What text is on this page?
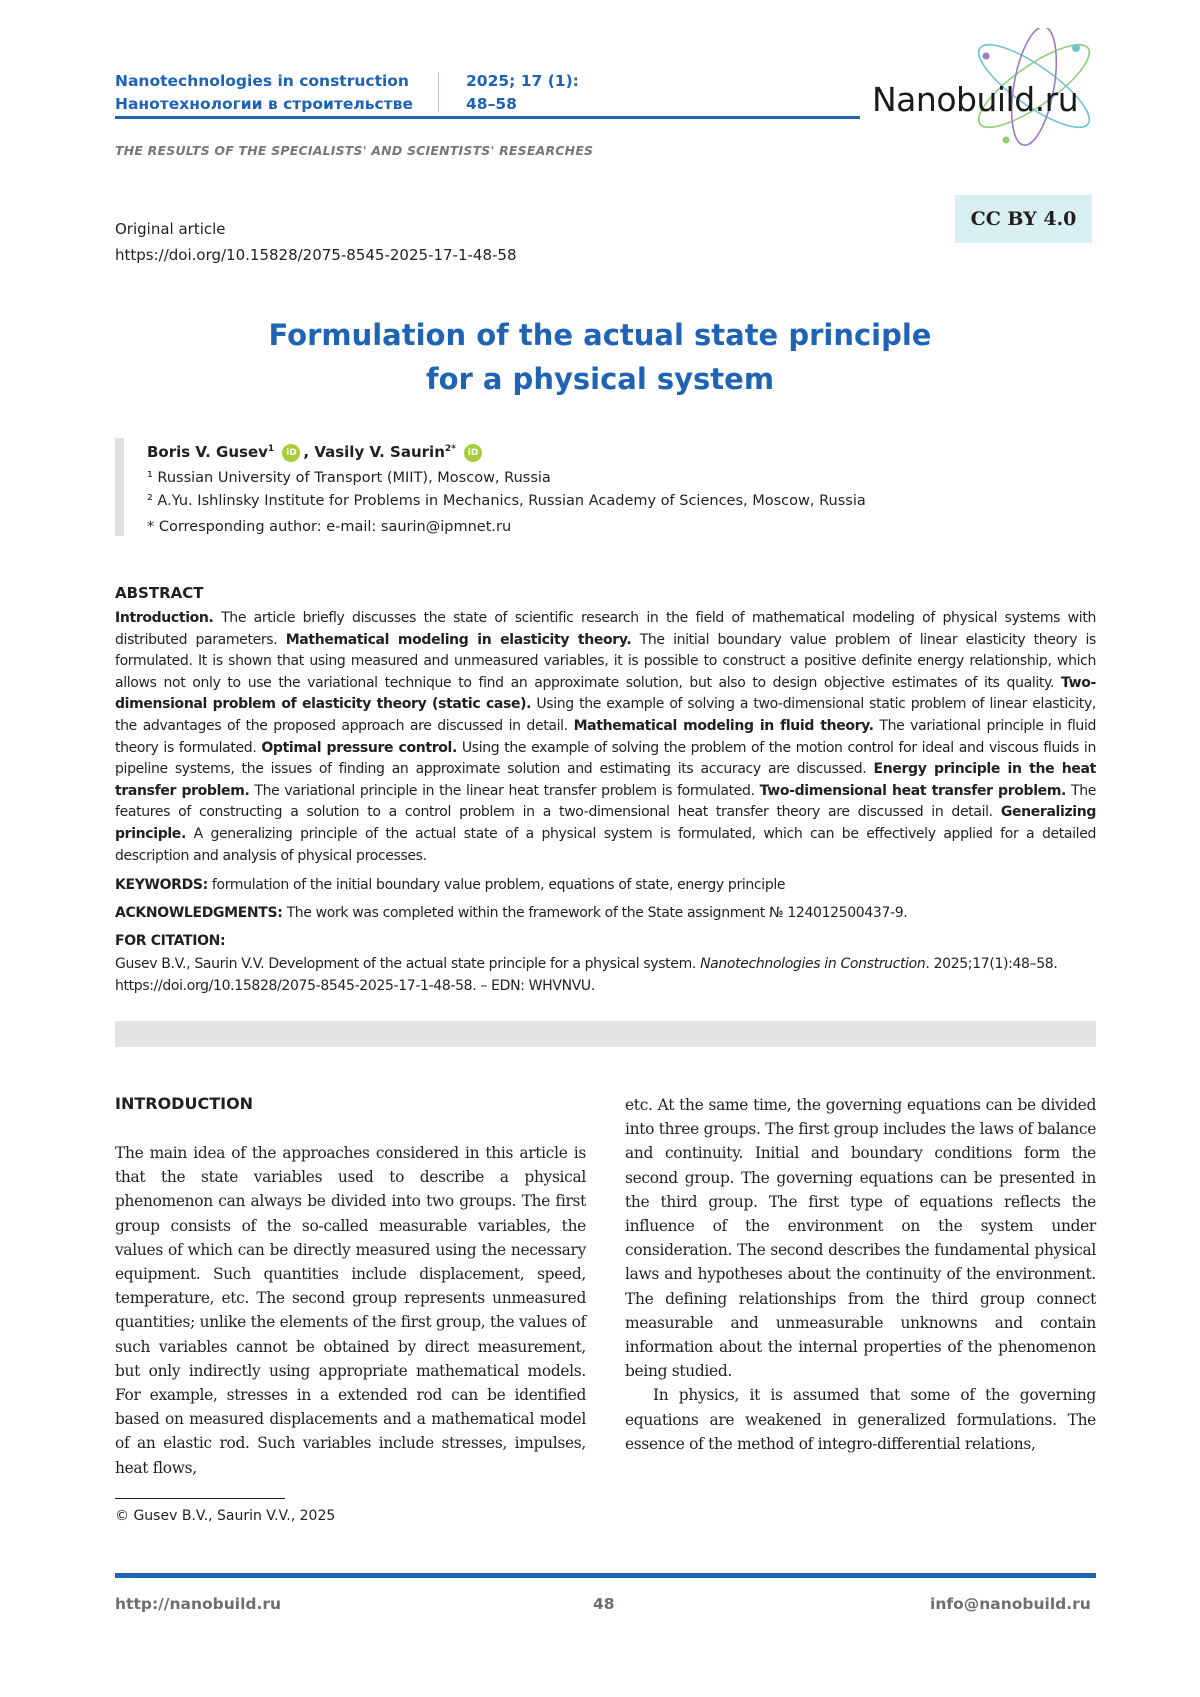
Nanotechnologies in construction
Нанотехнологии в строительстве
2025; 17 (1):
48–58	Nanobuild.ru
THE RESULTS OF THE SPECIALISTS' AND SCIENTISTS' RESEARCHES
Original article
https://doi.org/10.15828/2075-8545-2025-17-1-48-58
CC BY 4.0
Formulation of the actual state principle
for a physical system
Boris V. Gusev$^1$ iD , Vasily V. Saurin$^{2*}$ iD
¹ Russian University of Transport (MIIT), Moscow, Russia
² A.Yu. Ishlinsky Institute for Problems in Mechanics, Russian Academy of Sciences, Moscow, Russia
* Corresponding author: e-mail: saurin@ipmnet.ru
ABSTRACT
Introduction. The article briefly discusses the state of scientific research in the field of mathematical modeling of physical systems with distributed parameters. Mathematical modeling in elasticity theory. The initial boundary value problem of linear elasticity theory is formulated. It is shown that using measured and unmeasured variables, it is possible to construct a positive definite energy relationship, which allows not only to use the variational technique to find an approximate solution, but also to design objective estimates of its quality. Two-dimensional problem of elasticity theory (static case). Using the example of solving a two-dimensional static problem of linear elasticity, the advantages of the proposed approach are discussed in detail. Mathematical modeling in fluid theory. The variational principle in fluid theory is formulated. Optimal pressure control. Using the example of solving the problem of the motion control for ideal and viscous fluids in pipeline systems, the issues of finding an approximate solution and estimating its accuracy are discussed. Energy principle in the heat transfer problem. The variational principle in the linear heat transfer problem is formulated. Two-dimensional heat transfer problem. The features of constructing a solution to a control problem in a two-dimensional heat transfer theory are discussed in detail. Generalizing principle. A generalizing principle of the actual state of a physical system is formulated, which can be effectively applied for a detailed description and analysis of physical processes.
KEYWORDS: formulation of the initial boundary value problem, equations of state, energy principle
ACKNOWLEDGMENTS: The work was completed within the framework of the State assignment № 124012500437-9.
FOR CITATION:
Gusev B.V., Saurin V.V. Development of the actual state principle for a physical system. Nanotechnologies in Construction. 2025;17(1):48–58. https://doi.org/10.15828/2075-8545-2025-17-1-48-58. – EDN: WHVNVU.
INTRODUCTION

The main idea of the approaches considered in this article is that the state variables used to describe a physical phenomenon can always be divided into two groups. The first group consists of the so-called measurable variables, the values of which can be directly measured using the necessary equipment. Such quantities include displacement, speed, temperature, etc. The second group represents unmeasured quantities; unlike the elements of the first group, the values of such variables cannot be obtained by direct measurement, but only indirectly using appropriate mathematical models. For example, stresses in a extended rod can be identified based on measured displacements and a mathematical model of an elastic rod. Such variables include stresses, impulses, heat flows,

etc. At the same time, the governing equations can be divided into three groups. The first group includes the laws of balance and continuity. Initial and boundary conditions form the second group. The governing equations can be presented in the third group. The first type of equations reflects the influence of the environment on the system under consideration. The second describes the fundamental physical laws and hypotheses about the continuity of the environment. The defining relationships from the third group connect measurable and unmeasurable unknowns and contain information about the internal properties of the phenomenon being studied.

In physics, it is assumed that some of the governing equations are weakened in generalized formulations. The essence of the method of integro-differential relations,

© Gusev B.V., Saurin V.V., 2025
http://nanobuild.ru	48	info@nanobuild.ru
